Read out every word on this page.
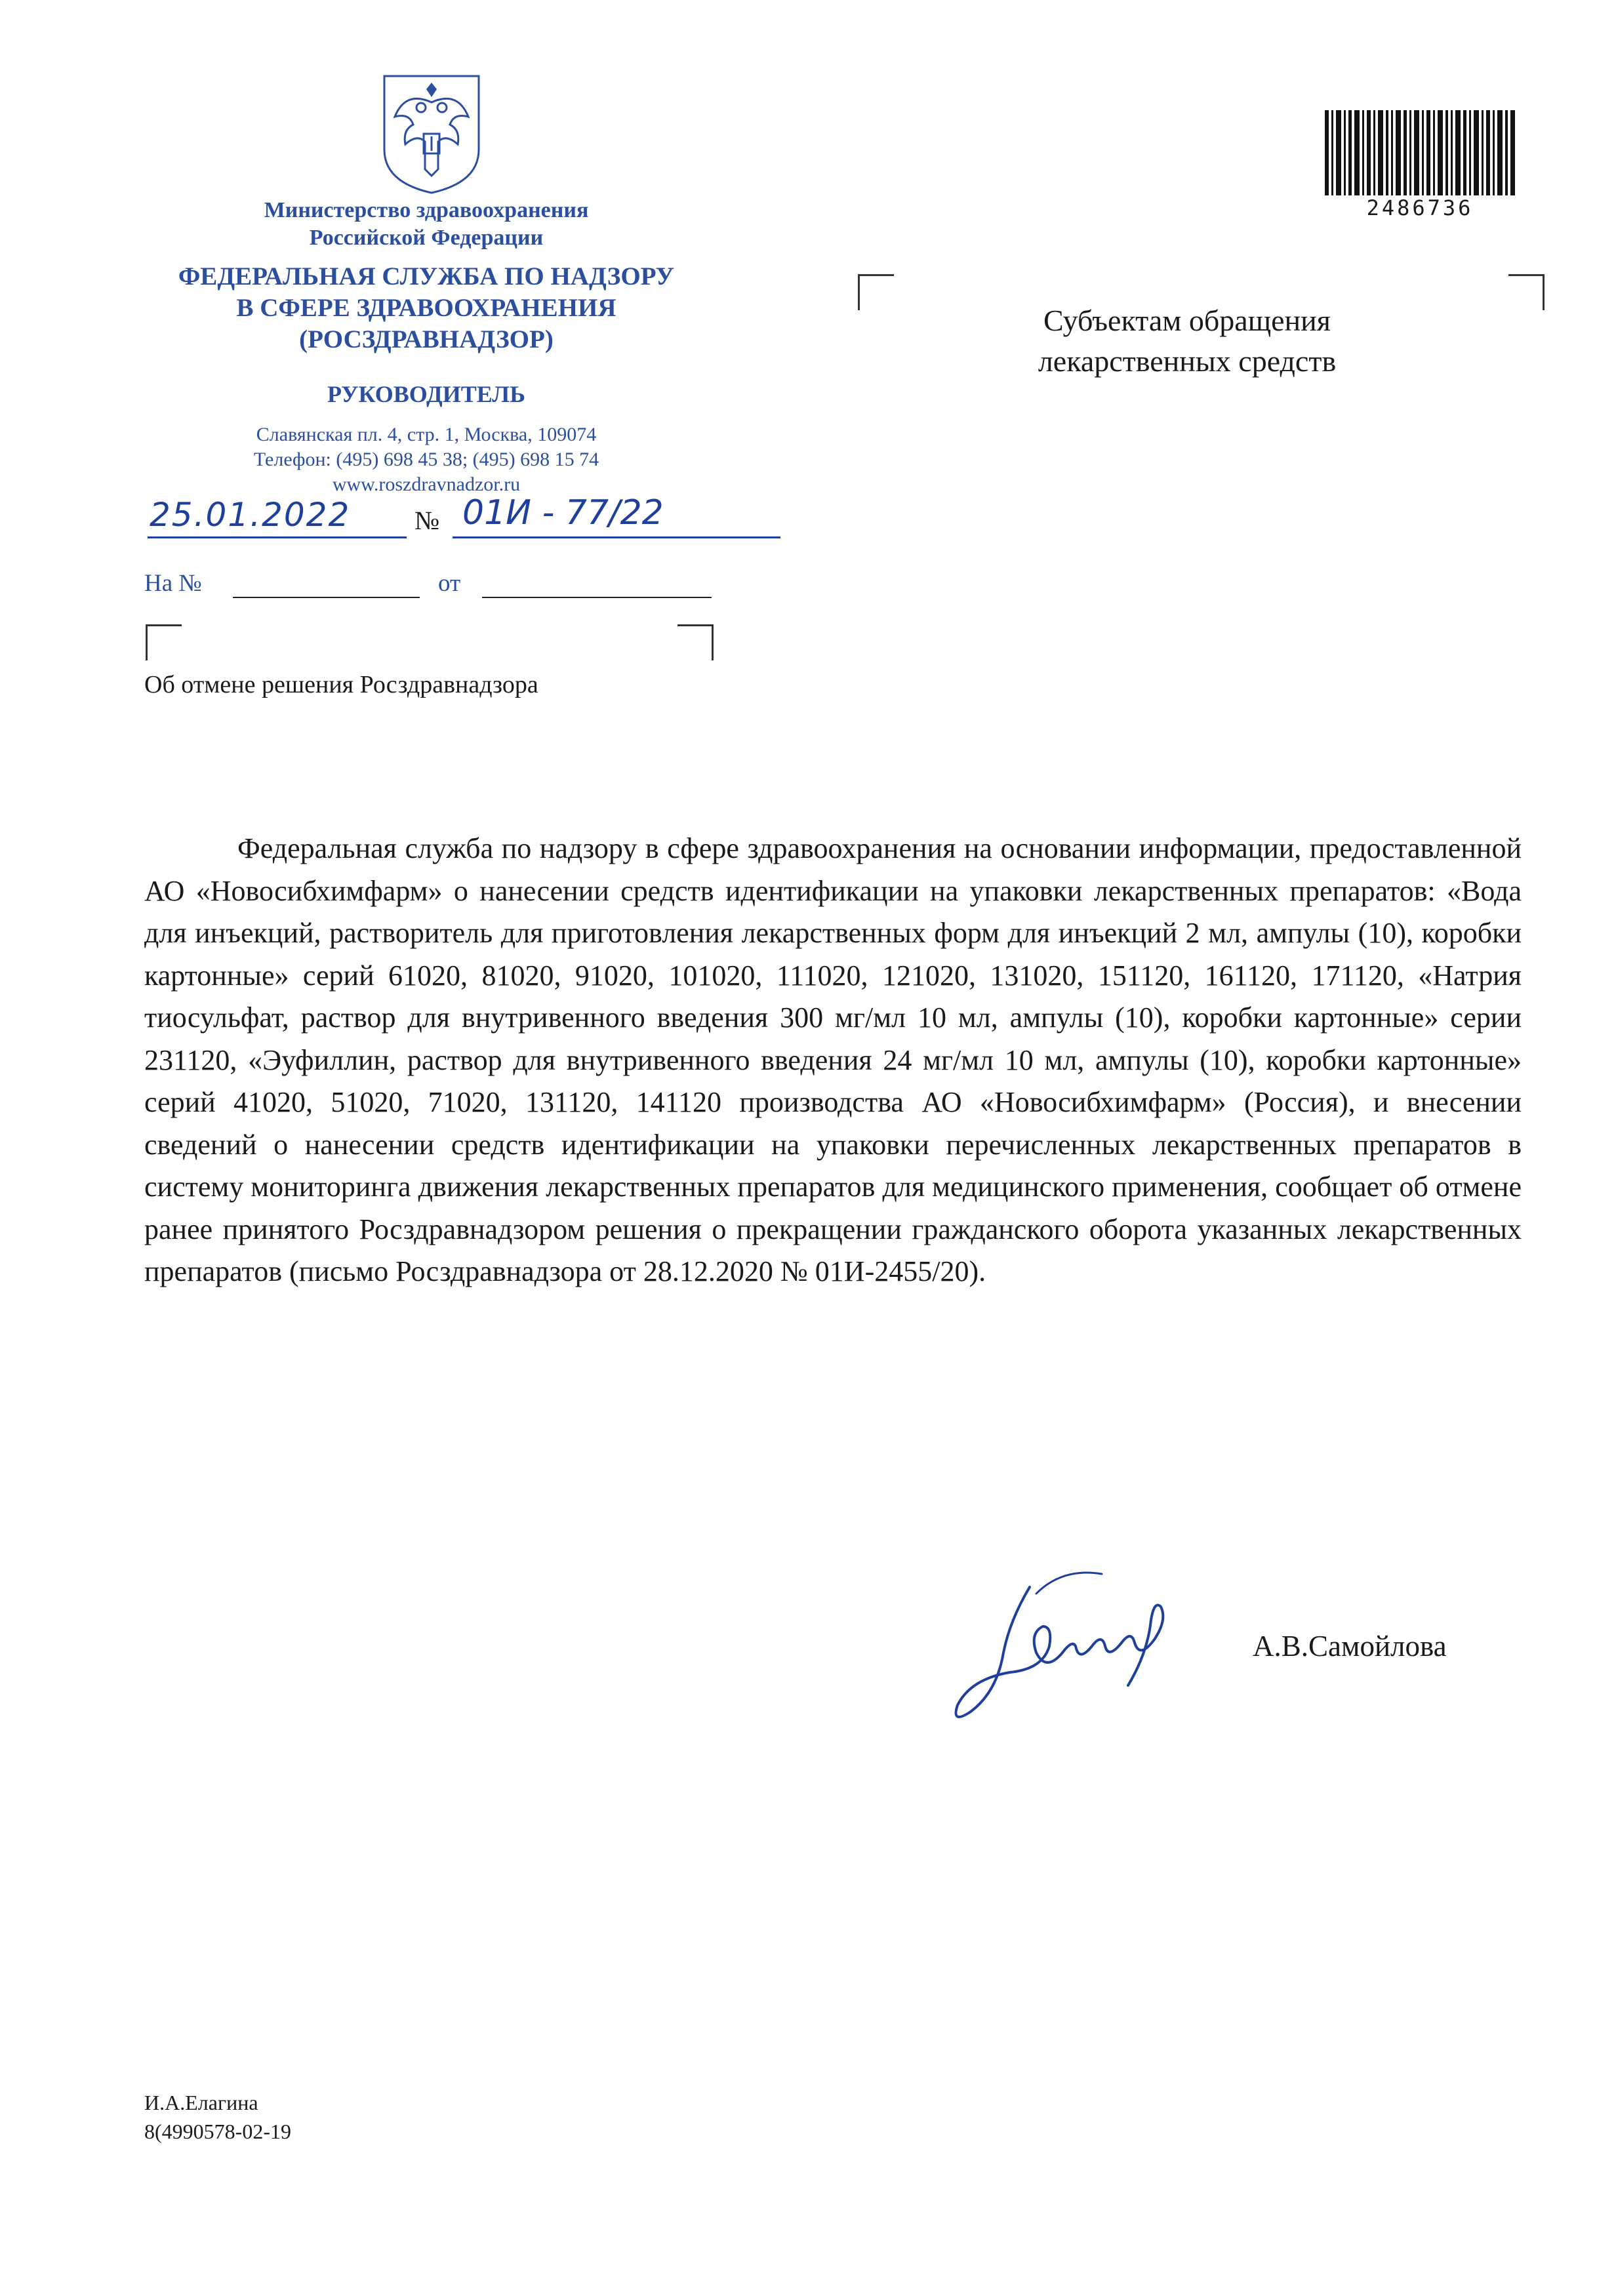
Министерство здравоохранения
Российской Федерации
ФЕДЕРАЛЬНАЯ СЛУЖБА ПО НАДЗОРУ
В СФЕРЕ ЗДРАВООХРАНЕНИЯ
(РОСЗДРАВНАДЗОР)
РУКОВОДИТЕЛЬ
Славянская пл. 4, стр. 1, Москва, 109074
Телефон: (495) 698 45 38; (495) 698 15 74
www.roszdravnadzor.ru
25.01.2022 № 01И - 77/22
На №	от
Об отмене решения Росздравнадзора
Субъектам обращения
лекарственных средств
2486736
Федеральная служба по надзору в сфере здравоохранения на основании информации, предоставленной АО «Новосибхимфарм» о нанесении средств идентификации на упаковки лекарственных препаратов: «Вода для инъекций, растворитель для приготовления лекарственных форм для инъекций 2 мл, ампулы (10), коробки картонные» серий 61020, 81020, 91020, 101020, 111020, 121020, 131020, 151120, 161120, 171120, «Натрия тиосульфат, раствор для внутривенного введения 300 мг/мл 10 мл, ампулы (10), коробки картонные» серии 231120, «Эуфиллин, раствор для внутривенного введения 24 мг/мл 10 мл, ампулы (10), коробки картонные» серий 41020, 51020, 71020, 131120, 141120 производства АО «Новосибхимфарм» (Россия), и внесении сведений о нанесении средств идентификации на упаковки перечисленных лекарственных препаратов в систему мониторинга движения лекарственных препаратов для медицинского применения, сообщает об отмене ранее принятого Росздравнадзором решения о прекращении гражданского оборота указанных лекарственных препаратов (письмо Росздравнадзора от 28.12.2020 № 01И-2455/20).
А.В.Самойлова
И.А.Елагина
8(4990578-02-19
